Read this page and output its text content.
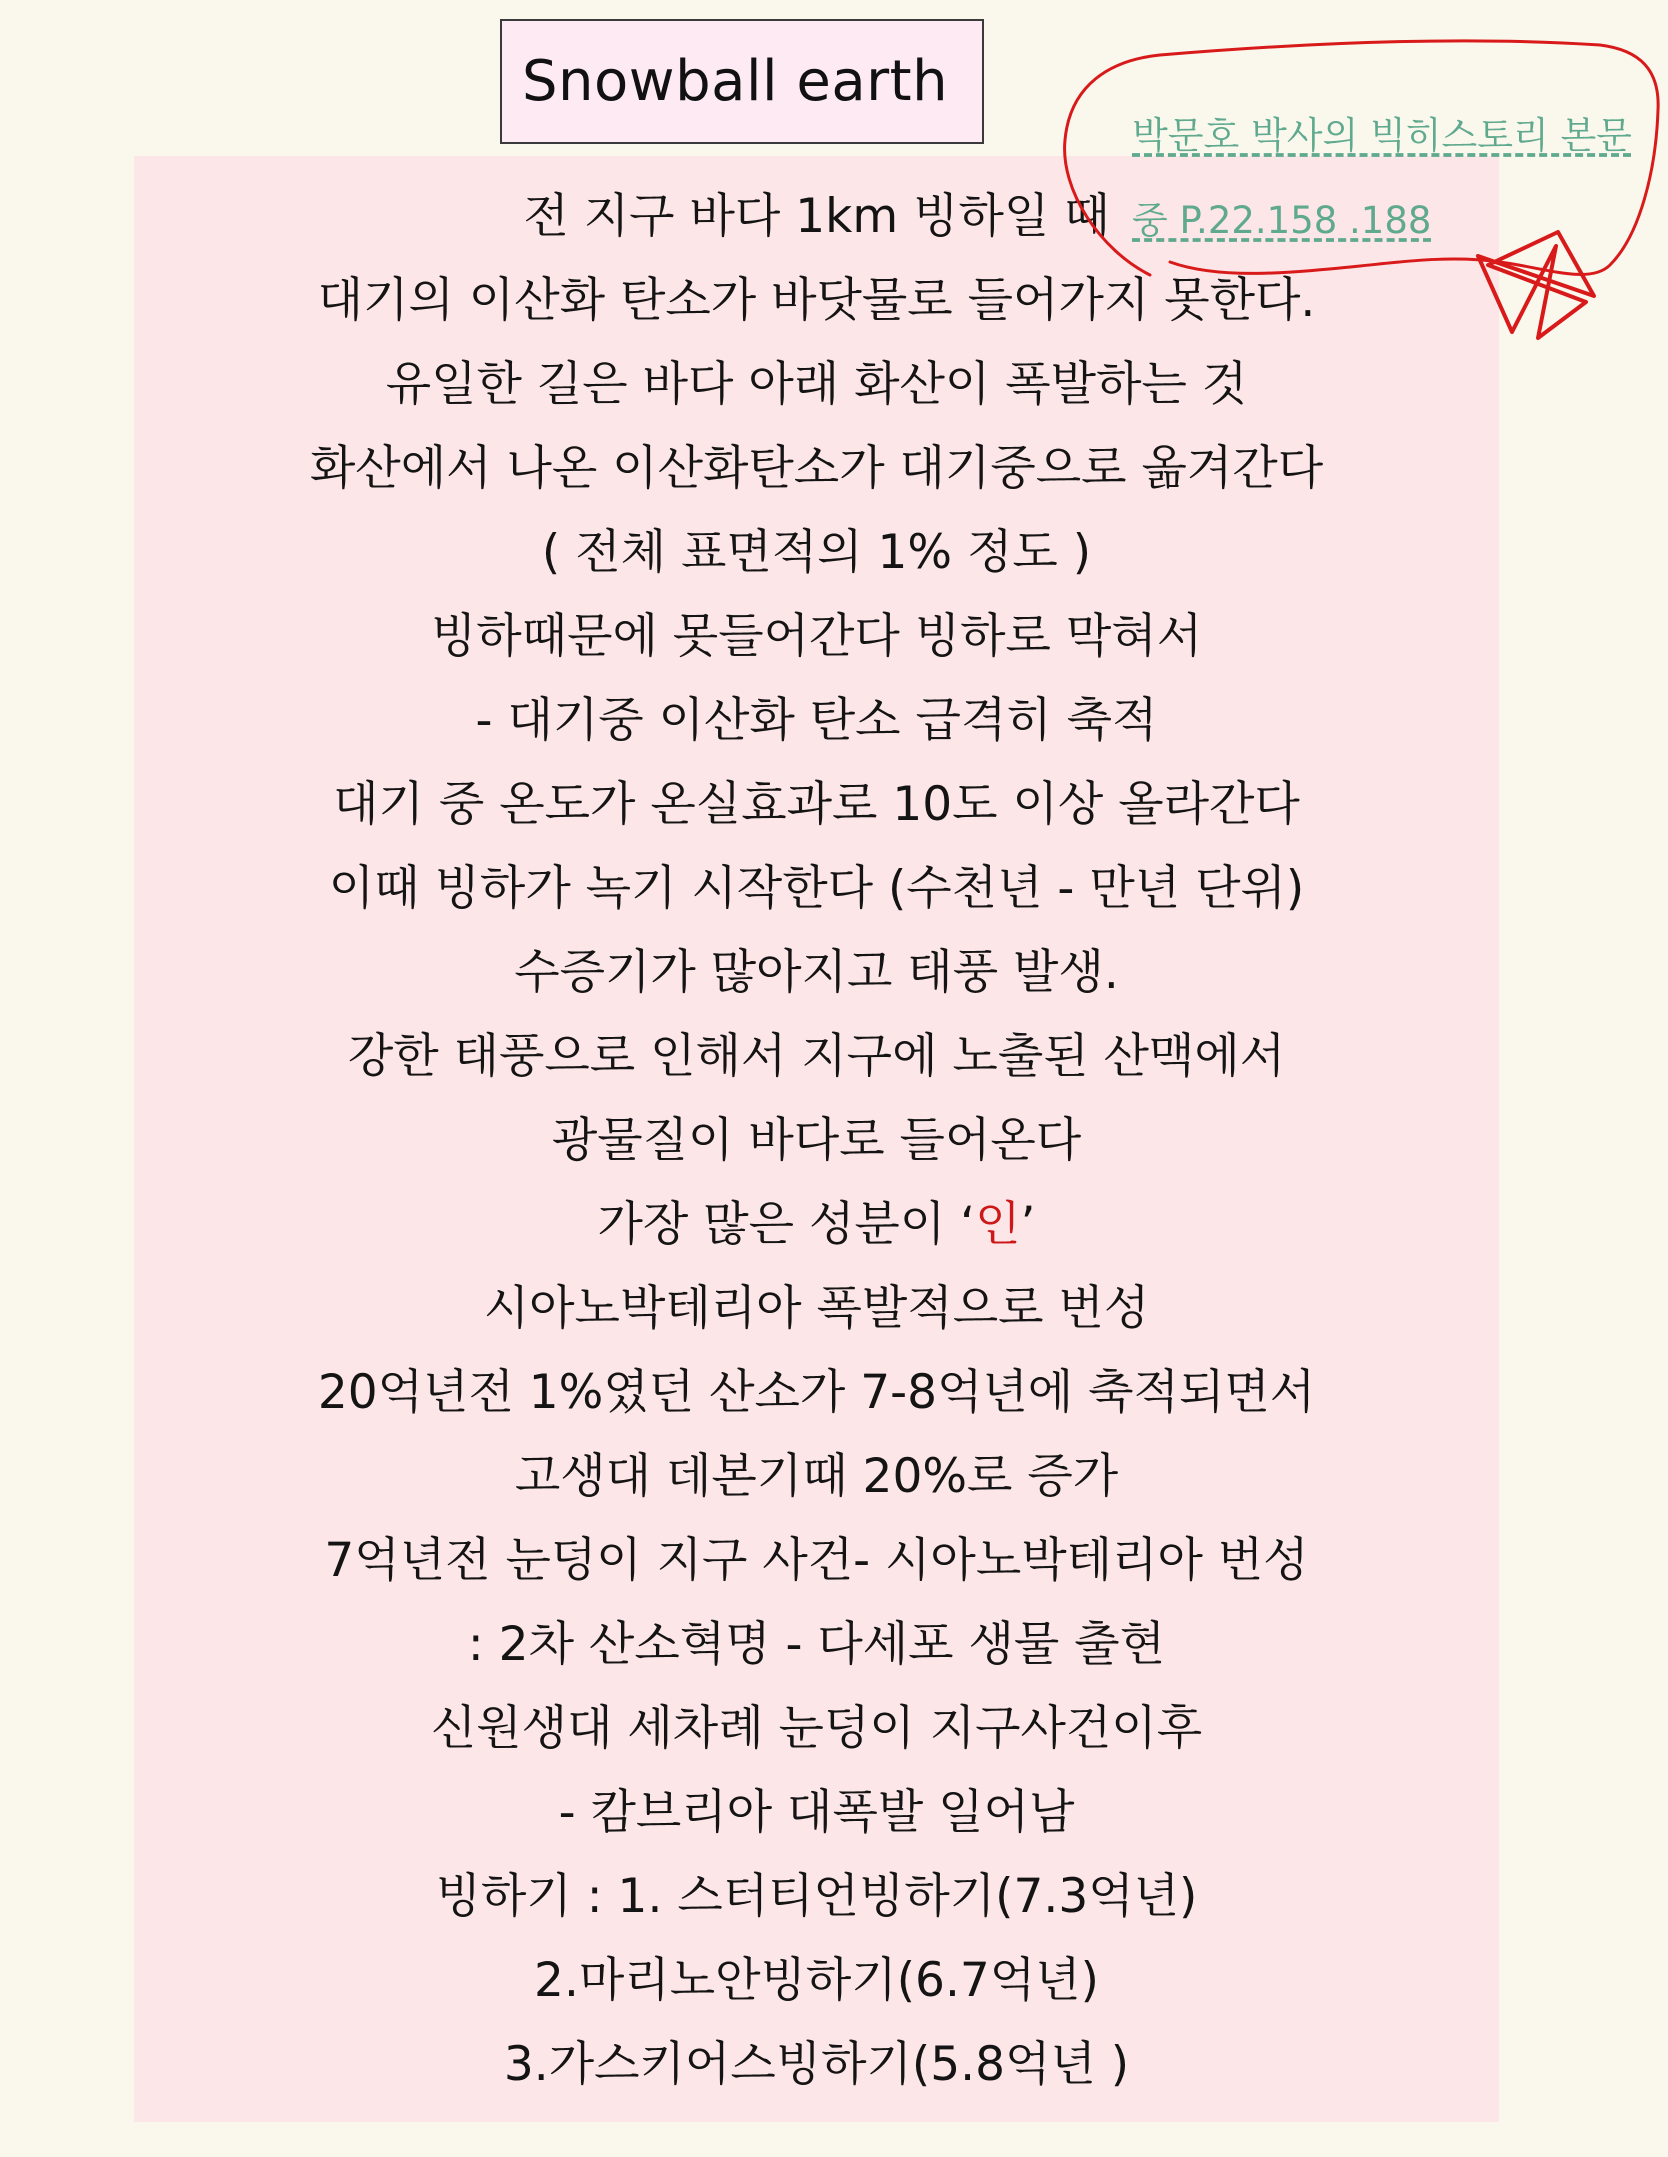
Snowball earth
전 지구 바다 1km 빙하일 때
대기의 이산화 탄소가 바닷물로 들어가지 못한다.
유일한 길은 바다 아래 화산이 폭발하는 것
화산에서 나온 이산화탄소가 대기중으로 옮겨간다
( 전체 표면적의 1% 정도 )
빙하때문에 못들어간다 빙하로 막혀서
- 대기중 이산화 탄소 급격히 축적
대기 중 온도가 온실효과로 10도 이상 올라간다
이때 빙하가 녹기 시작한다 (수천년 - 만년 단위)
수증기가 많아지고 태풍 발생.
강한 태풍으로 인해서 지구에 노출된 산맥에서
광물질이 바다로 들어온다
가장 많은 성분이 ‘인’
시아노박테리아 폭발적으로 번성
20억년전 1%였던 산소가 7-8억년에 축적되면서
고생대 데본기때 20%로 증가
7억년전 눈덩이 지구 사건- 시아노박테리아 번성
: 2차 산소혁명 - 다세포 생물 출현
신원생대 세차례 눈덩이 지구사건이후
- 캄브리아 대폭발 일어남
빙하기 : 1. 스터티언빙하기(7.3억년)
2.마리노안빙하기(6.7억년)
3.가스키어스빙하기(5.8억년 )
박문호 박사의 빅히스토리 본문
중 P.22.158 .188
